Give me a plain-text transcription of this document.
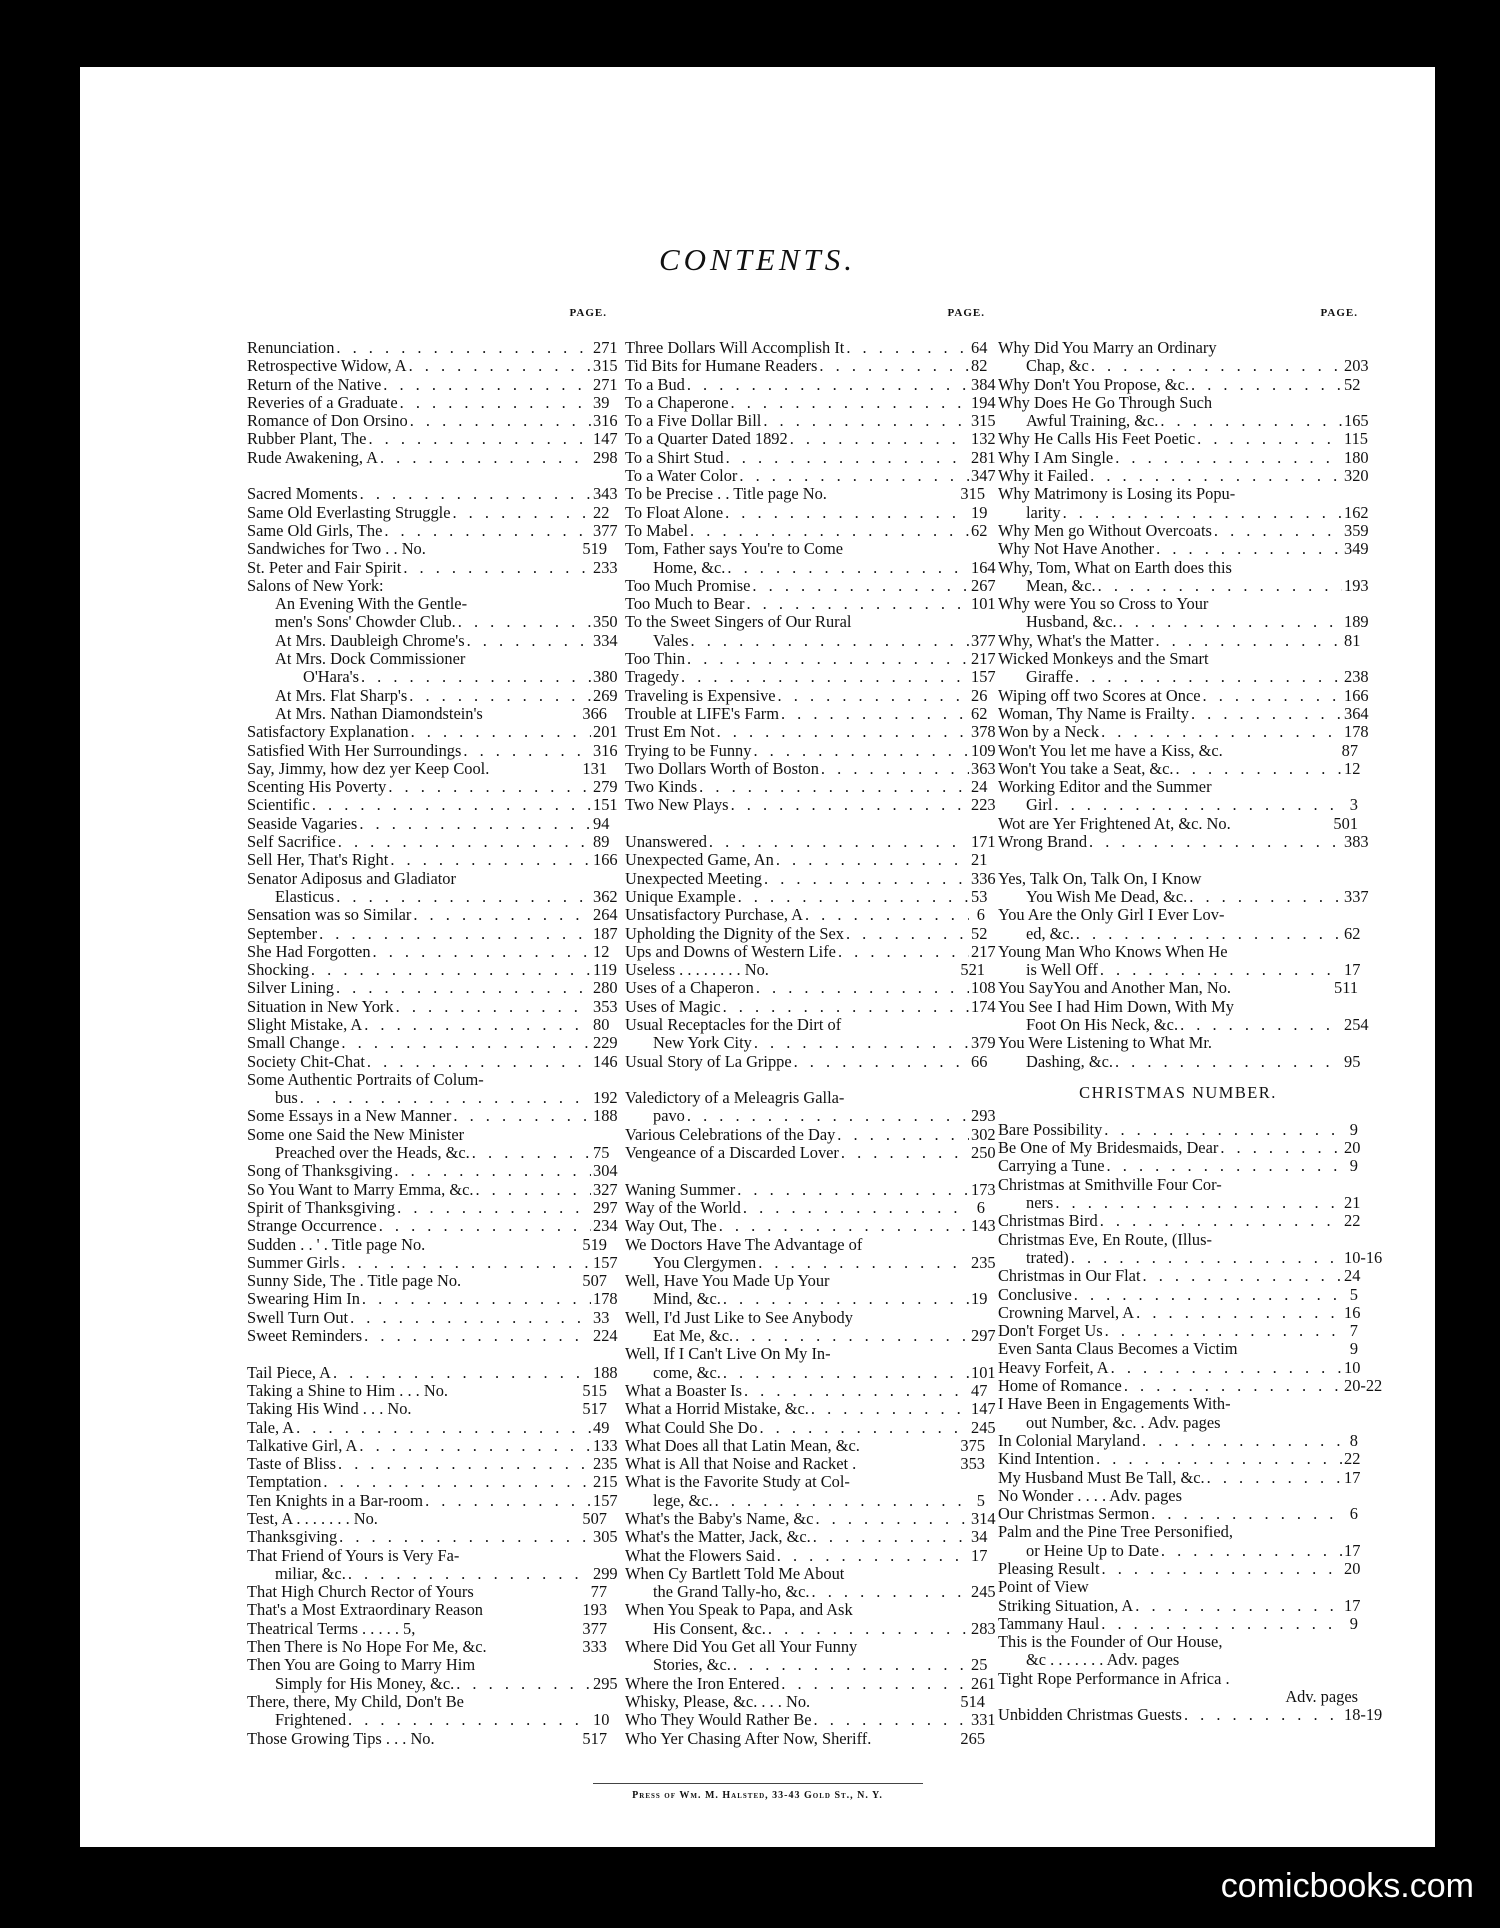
CONTENTS.
PAGE.
Renunciation . . .	271
Retrospective Widow, A . . .	315
Return of the Native . . .	271
Reveries of a Graduate . . .	39
Romance of Don Orsino . . .	316
Rubber Plant, The . . .	147
Rude Awakening, A . . .	298
Sacred Moments . . .	343
Same Old Everlasting Struggle . . .	22
Same Old Girls, The . . .	377
Sandwiches for Two . . No.	519
St. Peter and Fair Spirit . . .	233
Salons of New York:
An Evening With the Gentle-
men's Sons' Chowder Club. . . .	350
At Mrs. Daubleigh Chrome's . . .	334
At Mrs. Dock Commissioner
O'Hara's . . .	380
At Mrs. Flat Sharp's . . .	269
At Mrs. Nathan Diamondstein's	366
Satisfactory Explanation . . .	201
Satisfied With Her Surroundings . . .	316
Say, Jimmy, how dez yer Keep Cool.	131
Scenting His Poverty . . .	279
Scientific . . .	151
Seaside Vagaries . . .	94
Self Sacrifice . . .	89
Sell Her, That's Right . . .	166
Senator Adiposus and Gladiator
Elasticus . . .	362
Sensation was so Similar . . .	264
September . . .	187
She Had Forgotten . . .	12
Shocking . . .	119
Silver Lining . . .	280
Situation in New York . . .	353
Slight Mistake, A . . .	80
Small Change . . .	229
Society Chit-Chat . . .	146
Some Authentic Portraits of Colum-
bus . . .	192
Some Essays in a New Manner . . .	188
Some one Said the New Minister
Preached over the Heads, &c. . . .	75
Song of Thanksgiving . . .	304
So You Want to Marry Emma, &c. . . .	327
Spirit of Thanksgiving . . .	297
Strange Occurrence . . .	234
Sudden . . ' . Title page No.	519
Summer Girls . . .	157
Sunny Side, The . Title page No.	507
Swearing Him In . . .	178
Swell Turn Out . . .	33
Sweet Reminders . . .	224
Tail Piece, A . . .	188
Taking a Shine to Him . . . No.	515
Taking His Wind . . . No.	517
Tale, A . . .	49
Talkative Girl, A . . .	133
Taste of Bliss . . .	235
Temptation . . .	215
Ten Knights in a Bar-room . . .	157
Test, A . . . . . . . No.	507
Thanksgiving . . .	305
That Friend of Yours is Very Fa-
miliar, &c. . . .	299
That High Church Rector of Yours	77
That's a Most Extraordinary Reason	193
Theatrical Terms . . . . . 5,	377
Then There is No Hope For Me, &c.	333
Then You are Going to Marry Him
Simply for His Money, &c. . . .	295
There, there, My Child, Don't Be
Frightened . . .	10
Those Growing Tips . . . No.	517
PAGE.
Three Dollars Will Accomplish It . . .	64
Tid Bits for Humane Readers . . .	82
To a Bud . . .	384
To a Chaperone . . .	194
To a Five Dollar Bill . . .	315
To a Quarter Dated 1892 . . .	132
To a Shirt Stud . . .	281
To a Water Color . . .	347
To be Precise . . Title page No.	315
To Float Alone . . .	19
To Mabel . . .	62
Tom, Father says You're to Come
Home, &c. . . .	164
Too Much Promise . . .	267
Too Much to Bear . . .	101
To the Sweet Singers of Our Rural
Vales . . .	377
Too Thin . . .	217
Tragedy . . .	157
Traveling is Expensive . . .	26
Trouble at LIFE's Farm . . .	62
Trust Em Not . . .	378
Trying to be Funny . . .	109
Two Dollars Worth of Boston . . .	363
Two Kinds . . .	24
Two New Plays . . .	223
Unanswered . . .	171
Unexpected Game, An . . .	21
Unexpected Meeting . . .	336
Unique Example . . .	53
Unsatisfactory Purchase, A . . .	6
Upholding the Dignity of the Sex . . .	52
Ups and Downs of Western Life . . .	217
Useless . . . . . . . . No.	521
Uses of a Chaperon . . .	108
Uses of Magic . . .	174
Usual Receptacles for the Dirt of
New York City . . .	379
Usual Story of La Grippe . . .	66
Valedictory of a Meleagris Galla-
pavo . . .	293
Various Celebrations of the Day . . .	302
Vengeance of a Discarded Lover . . .	250
Waning Summer . . .	173
Way of the World . . .	6
Way Out, The . . .	143
We Doctors Have The Advantage of
You Clergymen . . .	235
Well, Have You Made Up Your
Mind, &c. . . .	19
Well, I'd Just Like to See Anybody
Eat Me, &c. . . .	297
Well, If I Can't Live On My In-
come, &c. . . .	101
What a Boaster Is . . .	47
What a Horrid Mistake, &c. . . .	147
What Could She Do . . .	245
What Does all that Latin Mean, &c.	375
What is All that Noise and Racket .	353
What is the Favorite Study at Col-
lege, &c. . . .	5
What's the Baby's Name, &c . . .	314
What's the Matter, Jack, &c. . . .	34
What the Flowers Said . . .	17
When Cy Bartlett Told Me About
the Grand Tally-ho, &c. . . .	245
When You Speak to Papa, and Ask
His Consent, &c. . . .	283
Where Did You Get all Your Funny
Stories, &c. . . .	25
Where the Iron Entered . . .	261
Whisky, Please, &c. . . . No.	514
Who They Would Rather Be . . .	331
Who Yer Chasing After Now, Sheriff.	265
PAGE.
Why Did You Marry an Ordinary
Chap, &c . . .	203
Why Don't You Propose, &c. . . .	52
Why Does He Go Through Such
Awful Training, &c. . . .	165
Why He Calls His Feet Poetic . . .	115
Why I Am Single . . .	180
Why it Failed . . .	320
Why Matrimony is Losing its Popu-
larity . . .	162
Why Men go Without Overcoats . . .	359
Why Not Have Another . . .	349
Why, Tom, What on Earth does this
Mean, &c. . . .	193
Why were You so Cross to Your
Husband, &c. . . .	189
Why, What's the Matter . . .	81
Wicked Monkeys and the Smart
Giraffe . . .	238
Wiping off two Scores at Once . . .	166
Woman, Thy Name is Frailty . . .	364
Won by a Neck . . .	178
Won't You let me have a Kiss, &c.	87
Won't You take a Seat, &c. . . .	12
Working Editor and the Summer
Girl . . .	3
Wot are Yer Frightened At, &c. No.	501
Wrong Brand . . .	383
Yes, Talk On, Talk On, I Know
You Wish Me Dead, &c. . . .	337
You Are the Only Girl I Ever Lov-
ed, &c. . . .	62
Young Man Who Knows When He
is Well Off . . .	17
You SayYou and Another Man, No.	511
You See I had Him Down, With My
Foot On His Neck, &c. . . .	254
You Were Listening to What Mr.
Dashing, &c. . . .	95
CHRISTMAS NUMBER.
Bare Possibility . . .	9
Be One of My Bridesmaids, Dear . . .	20
Carrying a Tune . . .	9
Christmas at Smithville Four Cor-
ners . . .	21
Christmas Bird . . .	22
Christmas Eve, En Route, (Illus-
trated) . . .	10-16
Christmas in Our Flat . . .	24
Conclusive . . .	5
Crowning Marvel, A . . .	16
Don't Forget Us . . .	7
Even Santa Claus Becomes a Victim	9
Heavy Forfeit, A . . .	10
Home of Romance . . .	20-22
I Have Been in Engagements With-
out Number, &c. . Adv. pages
In Colonial Maryland . . .	8
Kind Intention . . .	22
My Husband Must Be Tall, &c. . . .	17
No Wonder . . . . Adv. pages
Our Christmas Sermon . . .	6
Palm and the Pine Tree Personified,
or Heine Up to Date . . .	17
Pleasing Result . . .	20
Point of View
Striking Situation, A . . .	17
Tammany Haul . . .	9
This is the Founder of Our House,
&c . . . . . . . Adv. pages
Tight Rope Performance in Africa .
Adv. pages
Unbidden Christmas Guests . . .	18-19
Press of Wm. M. Halsted, 33-43 Gold St., N. Y.
comicbooks.com
